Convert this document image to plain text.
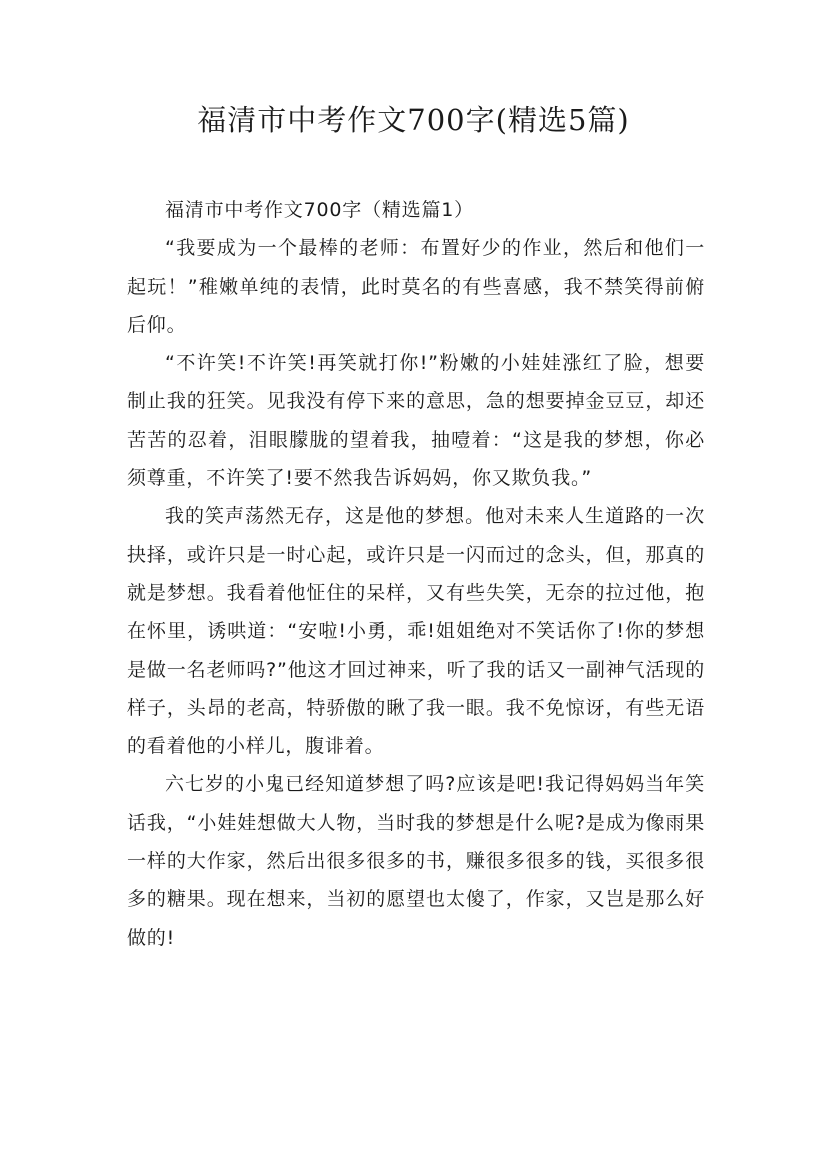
福清市中考作文700字(精选5篇)

福清市中考作文700字（精选篇1）

“我要成为一个最棒的老师：布置好少的作业，然后和他们一起玩！”稚嫩单纯的表情，此时莫名的有些喜感，我不禁笑得前俯后仰。

“不许笑!不许笑!再笑就打你!”粉嫩的小娃娃涨红了脸，想要制止我的狂笑。见我没有停下来的意思，急的想要掉金豆豆，却还苦苦的忍着，泪眼朦胧的望着我，抽噎着：“这是我的梦想，你必须尊重，不许笑了!要不然我告诉妈妈，你又欺负我。”

我的笑声荡然无存，这是他的梦想。他对未来人生道路的一次抉择，或许只是一时心起，或许只是一闪而过的念头，但，那真的就是梦想。我看着他怔住的呆样，又有些失笑，无奈的拉过他，抱在怀里，诱哄道：“安啦!小勇，乖!姐姐绝对不笑话你了!你的梦想是做一名老师吗?”他这才回过神来，听了我的话又一副神气活现的样子，头昂的老高，特骄傲的瞅了我一眼。我不免惊讶，有些无语的看着他的小样儿，腹诽着。

六七岁的小鬼已经知道梦想了吗?应该是吧!我记得妈妈当年笑话我，“小娃娃想做大人物，当时我的梦想是什么呢?是成为像雨果一样的大作家，然后出很多很多的书，赚很多很多的钱，买很多很多的糖果。现在想来，当初的愿望也太傻了，作家，又岂是那么好做的!
